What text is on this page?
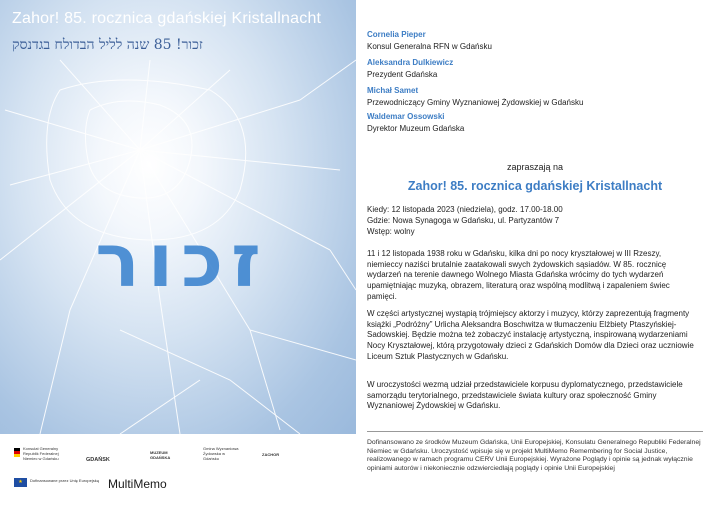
Zahor! 85. rocznica gdańskiej Kristallnacht
זכור! 85 שנה לליל הבדולח בגדנסק
זכור
Konsulat Generalny Republik Federalnej Niemiec w Gdańsku	GDAŃSK
MUZEUM GDAŃSKA
Gmina Wyznaniowa Żydowska w Gdańsku
ZACHOR
★	Dofinansowane przez Unię Europejską MultiMemo
Cornelia Pieper
Konsul Generalna RFN w Gdańsku
Aleksandra Dulkiewicz
Prezydent Gdańska
Michał Samet
Przewodniczący Gminy Wyznaniowej Żydowskiej w Gdańsku
Waldemar Ossowski
Dyrektor Muzeum Gdańska
zapraszają na
Zahor! 85. rocznica gdańskiej Kristallnacht
Kiedy: 12 listopada 2023 (niedziela), godz. 17.00-18.00
Gdzie: Nowa Synagoga w Gdańsku, ul. Partyzantów 7
Wstęp: wolny

11 i 12 listopada 1938 roku w Gdańsku, kilka dni po nocy kryształowej w III Rzeszy, niemieccy naziści brutalnie zaatakowali swych żydowskich sąsiadów. W 85. rocznicę wydarzeń na terenie dawnego Wolnego Miasta Gdańska wrócimy do tych wydarzeń upamiętniając muzyką, obrazem, literaturą oraz wspólną modlitwą i zapaleniem świec pamięci.

W części artystycznej wystąpią trójmiejscy aktorzy i muzycy, którzy zaprezentują fragmenty książki „Podróżny” Urlicha Aleksandra Boschwitza w tłumaczeniu Elżbiety Ptaszyńskiej-Sadowskiej. Będzie można też zobaczyć instalację artystyczną, inspirowaną wydarzeniami Nocy Kryształowej, którą przygotowały dzieci z Gdańskich Domów dla Dzieci oraz uczniowie Liceum Sztuk Plastycznych w Gdańsku.

W uroczystości wezmą udział przedstawiciele korpusu dyplomatycznego, przedstawiciele samorządu terytorialnego, przedstawiciele świata kultury oraz społeczność Gminy Wyznaniowej Żydowskiej w Gdańsku.

Dofinansowano ze środków Muzeum Gdańska, Unii Europejskiej, Konsulatu Generalnego Republiki Federalnej Niemiec w Gdańsku. Uroczystość wpisuje się w projekt MultiMemo Remembering for Social Justice, realizowanego w ramach programu CERV Unii Europejskiej. Wyrażone Poglądy i opinie są jednak wyłącznie opiniami autorów i niekoniecznie odzwierciedlają poglądy i opinie Unii Europejskiej
